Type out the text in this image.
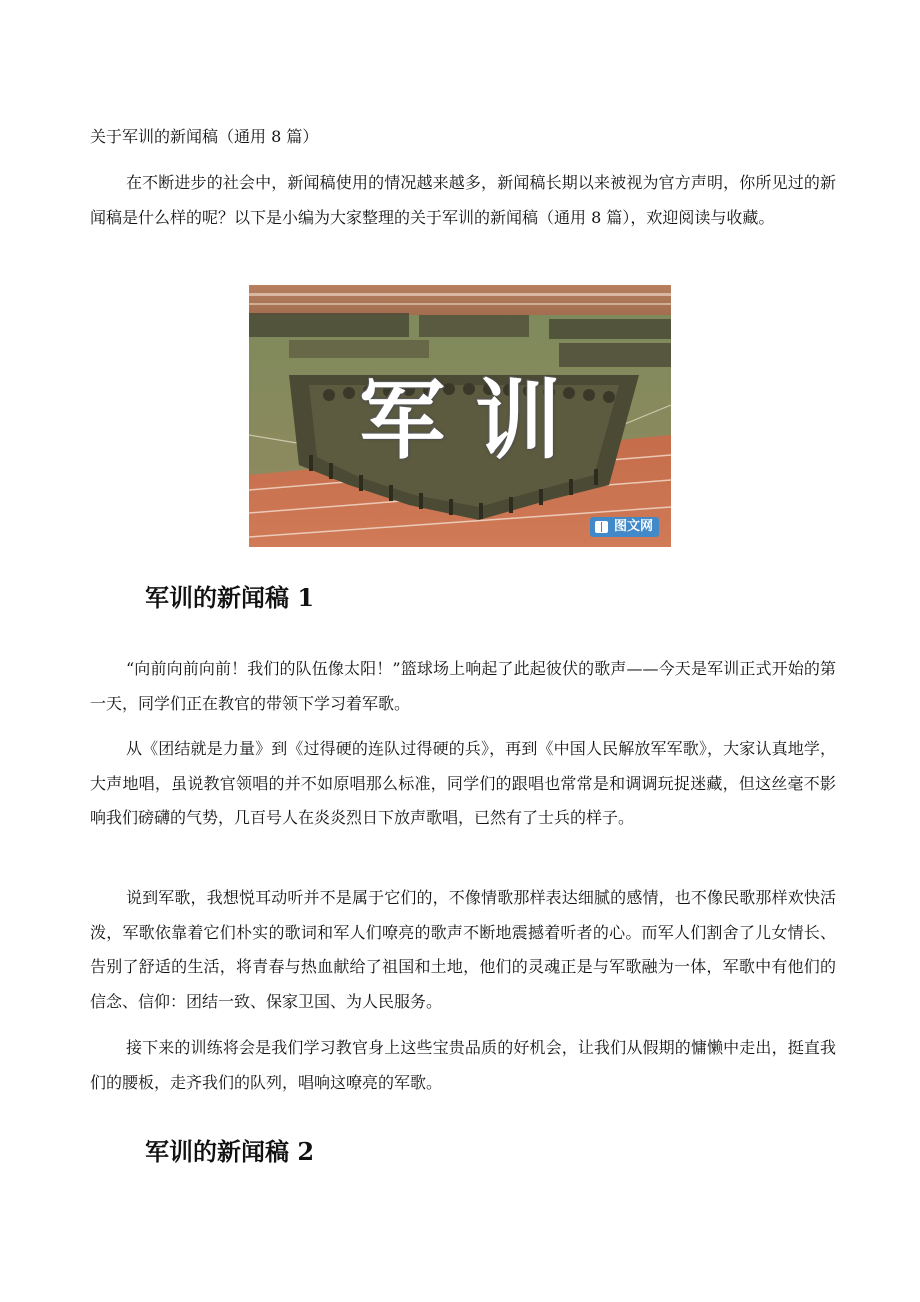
关于军训的新闻稿（通用 8 篇）

在不断进步的社会中，新闻稿使用的情况越来越多，新闻稿长期以来被视为官方声明，你所见过的新闻稿是什么样的呢？以下是小编为大家整理的关于军训的新闻稿（通用 8 篇），欢迎阅读与收藏。

军训
图文网
军训的新闻稿 1

“向前向前向前！我们的队伍像太阳！”篮球场上响起了此起彼伏的歌声——今天是军训正式开始的第一天，同学们正在教官的带领下学习着军歌。

从《团结就是力量》到《过得硬的连队过得硬的兵》，再到《中国人民解放军军歌》，大家认真地学，大声地唱，虽说教官领唱的并不如原唱那么标准，同学们的跟唱也常常是和调调玩捉迷藏，但这丝毫不影响我们磅礴的气势，几百号人在炎炎烈日下放声歌唱，已然有了士兵的样子。

说到军歌，我想悦耳动听并不是属于它们的，不像情歌那样表达细腻的感情，也不像民歌那样欢快活泼，军歌依靠着它们朴实的歌词和军人们嘹亮的歌声不断地震撼着听者的心。而军人们割舍了儿女情长、告别了舒适的生活，将青春与热血献给了祖国和土地，他们的灵魂正是与军歌融为一体，军歌中有他们的信念、信仰：团结一致、保家卫国、为人民服务。

接下来的训练将会是我们学习教官身上这些宝贵品质的好机会，让我们从假期的慵懒中走出，挺直我们的腰板，走齐我们的队列，唱响这嘹亮的军歌。

军训的新闻稿 2
